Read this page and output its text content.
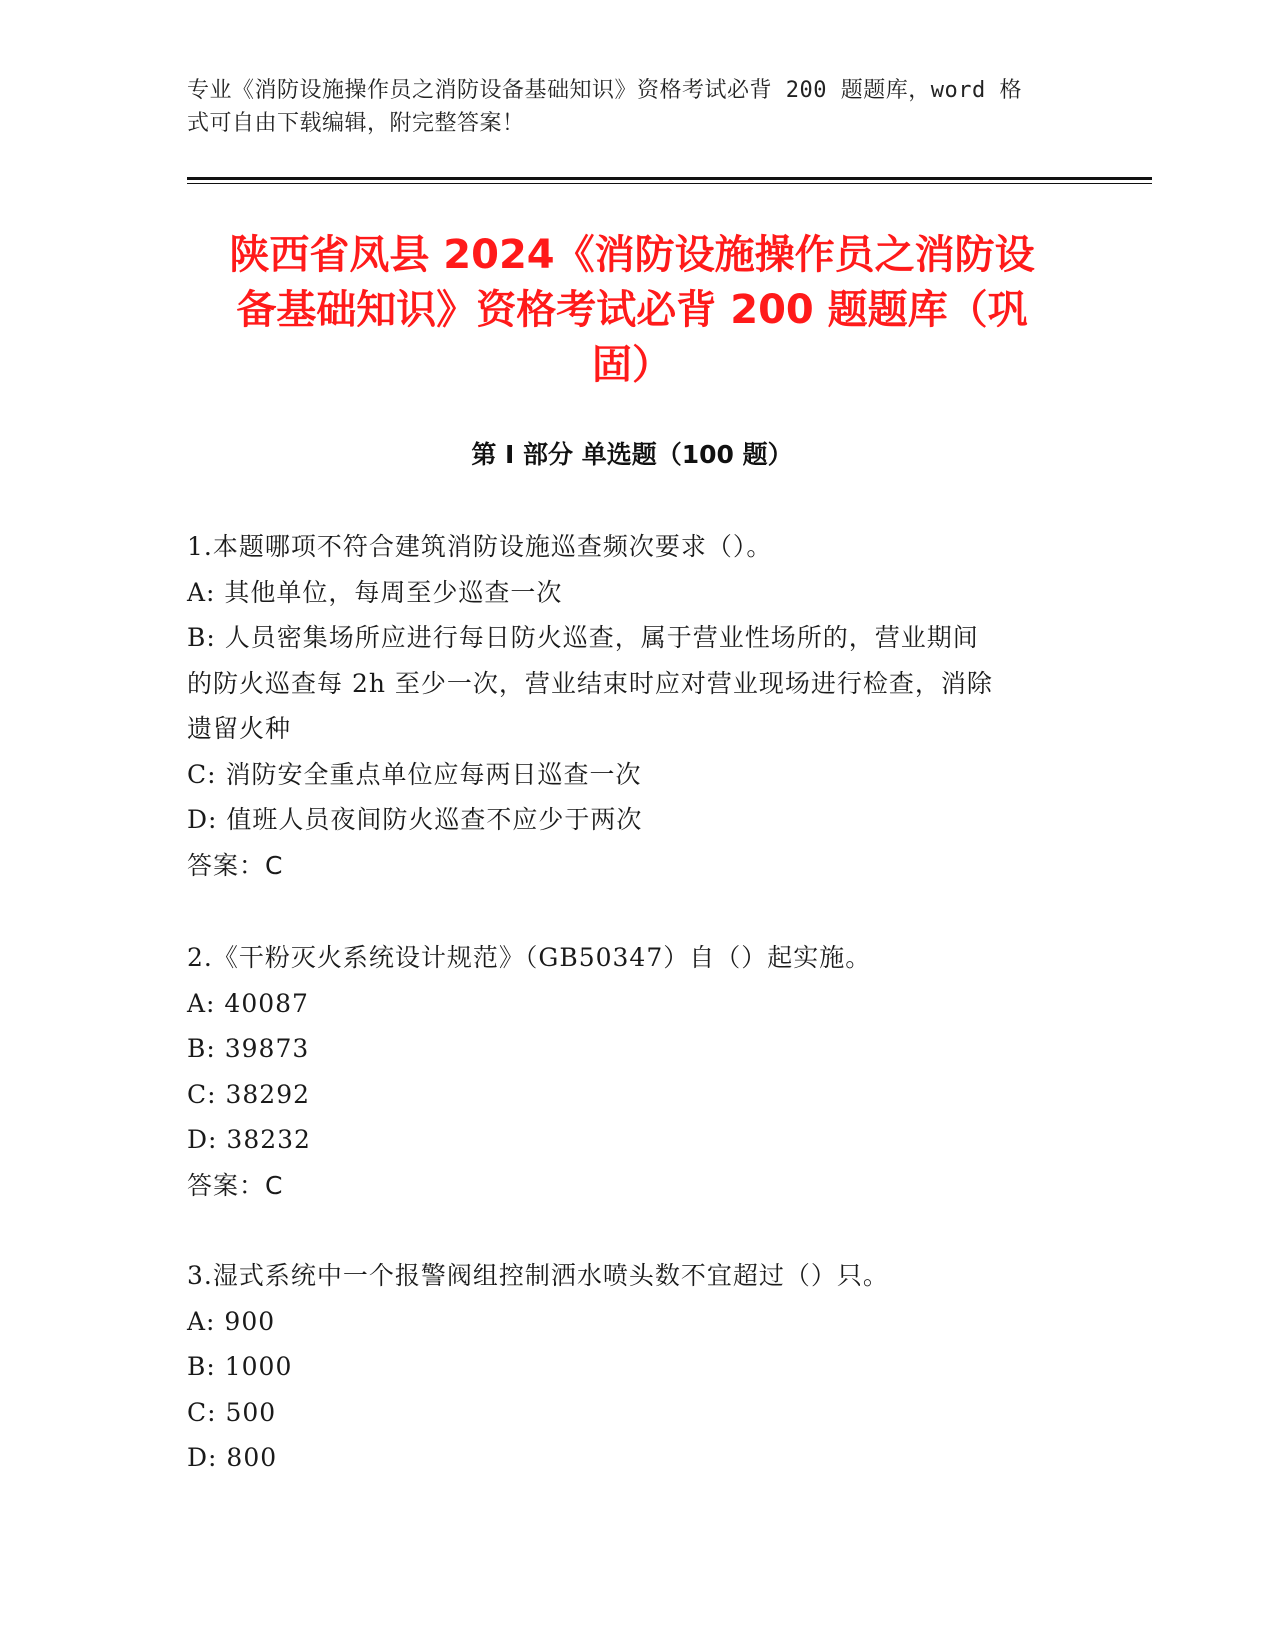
专业《消防设施操作员之消防设备基础知识》资格考试必背 200 题题库，word 格
式可自由下载编辑，附完整答案！
陕西省凤县 2024《消防设施操作员之消防设
备基础知识》资格考试必背 200 题题库（巩
固）
第 I 部分 单选题（100 题）

1.本题哪项不符合建筑消防设施巡查频次要求（）。

A: 其他单位，每周至少巡查一次

B: 人员密集场所应进行每日防火巡查，属于营业性场所的，营业期间

的防火巡查每 2h 至少一次，营业结束时应对营业现场进行检查，消除

遗留火种

C: 消防安全重点单位应每两日巡查一次

D: 值班人员夜间防火巡查不应少于两次

答案：C

2.《干粉灭火系统设计规范》（GB50347）自（）起实施。

A: 40087

B: 39873

C: 38292

D: 38232

答案：C

3.湿式系统中一个报警阀组控制洒水喷头数不宜超过（）只。

A: 900

B: 1000

C: 500

D: 800
